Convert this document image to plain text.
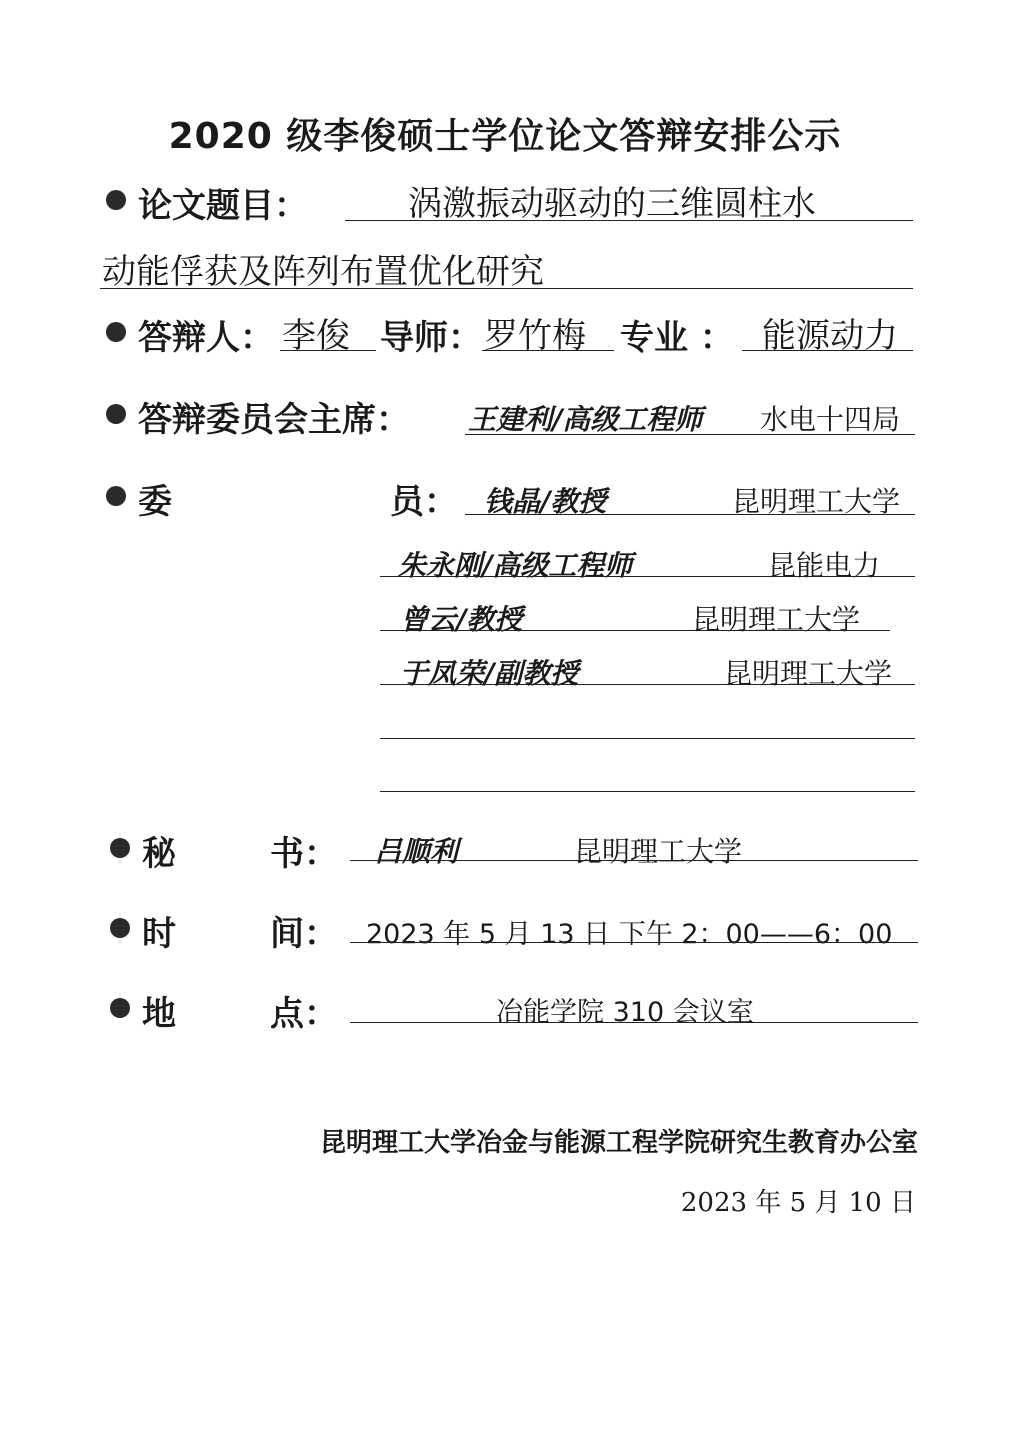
2020 级李俊硕士学位论文答辩安排公示
论文题目：	涡激振动驱动的三维圆柱水
动能俘获及阵列布置优化研究
答辩人： 李俊 导师： 罗竹梅 专业 ： 能源动力
答辩委员会主席： 王建利/高级工程师 水电十四局
委	员： 钱晶/教授	昆明理工大学
朱永刚/高级工程师	昆能电力
曾云/教授	昆明理工大学
于凤荣/副教授	昆明理工大学
秘	书： 吕顺利	昆明理工大学
时	间： 2023 年 5 月 13 日 下午 2：00——6：00
地	点：	冶能学院 310 会议室
昆明理工大学冶金与能源工程学院研究生教育办公室
2023 年 5 月 10 日
